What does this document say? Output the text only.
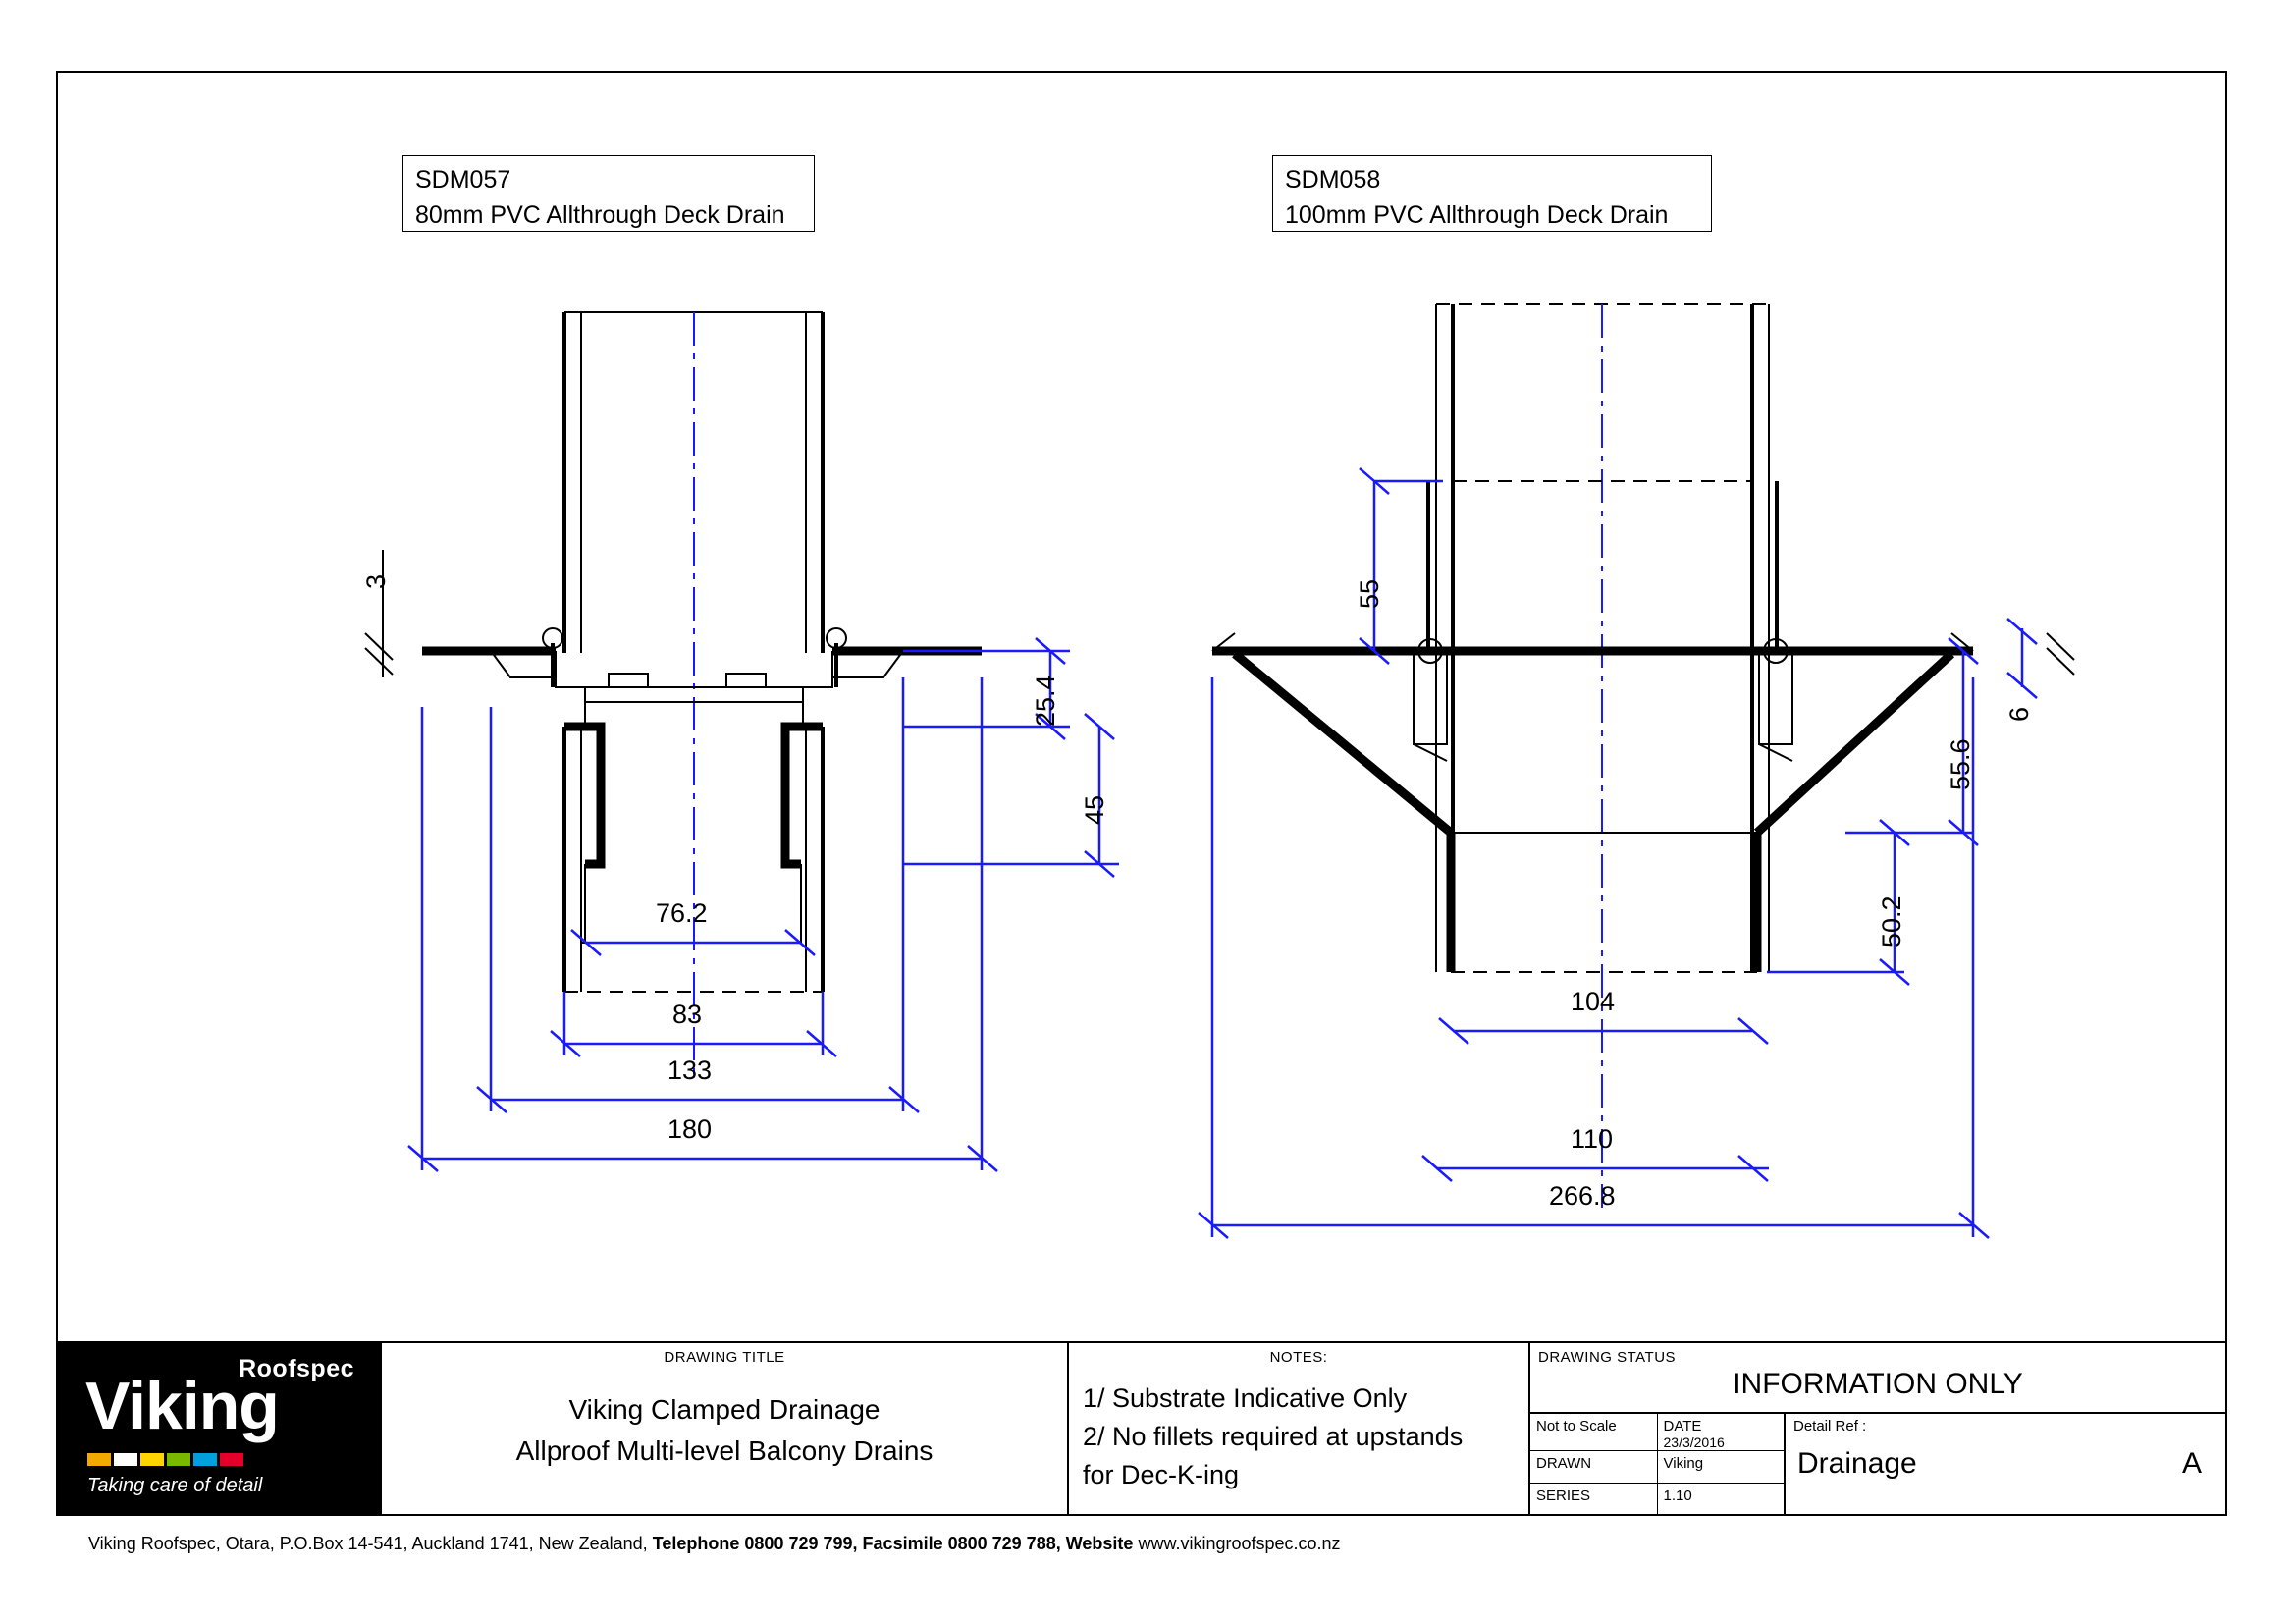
SDM057
80mm PVC Allthrough Deck Drain
SDM058
100mm PVC Allthrough Deck Drain
3
25.4
45
76.2
83
133
180
55
6
55.6
50.2
104
110
266.8
Roofspec
Viking
Taking care of detail
DRAWING TITLE
Viking Clamped Drainage
Allproof Multi-level Balcony Drains
NOTES:
1/ Substrate Indicative Only
2/ No fillets required at upstands
for Dec-K-ing
DRAWING STATUS
INFORMATION ONLY
Not to Scale	DATE
23/3/2016
DRAWN	Viking
SERIES	1.10
Detail Ref :
Drainage	A
Viking Roofspec, Otara, P.O.Box 14-541, Auckland 1741, New Zealand, Telephone 0800 729 799, Facsimile 0800 729 788, Website www.vikingroofspec.co.nz
